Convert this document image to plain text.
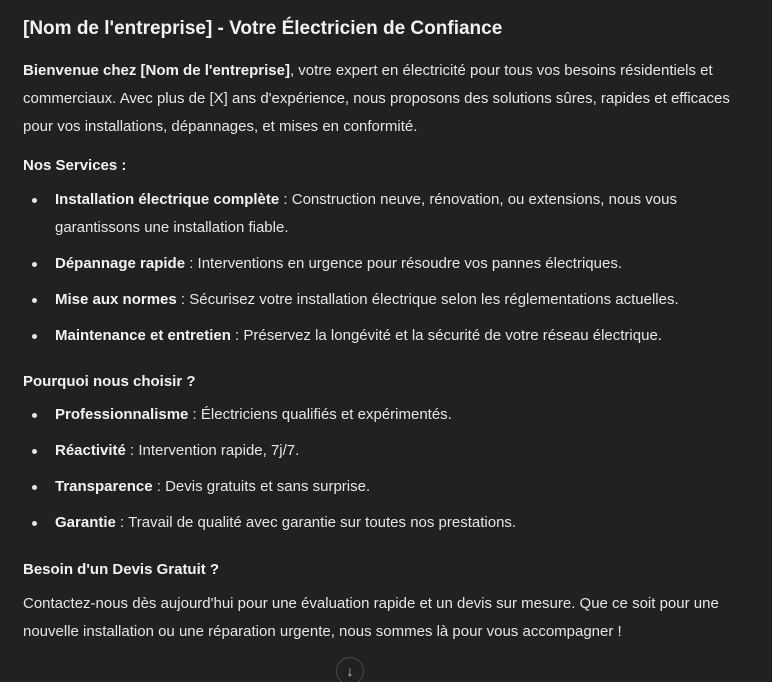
[Nom de l'entreprise] - Votre Électricien de Confiance

Bienvenue chez [Nom de l'entreprise], votre expert en électricité pour tous vos besoins résidentiels et commerciaux. Avec plus de [X] ans d'expérience, nous proposons des solutions sûres, rapides et efficaces pour vos installations, dépannages, et mises en conformité.

Nos Services :
Installation électrique complète : Construction neuve, rénovation, ou extensions, nous vous garantissons une installation fiable.
Dépannage rapide : Interventions en urgence pour résoudre vos pannes électriques.
Mise aux normes : Sécurisez votre installation électrique selon les réglementations actuelles.
Maintenance et entretien : Préservez la longévité et la sécurité de votre réseau électrique.
Pourquoi nous choisir ?
Professionnalisme : Électriciens qualifiés et expérimentés.
Réactivité : Intervention rapide, 7j/7.
Transparence : Devis gratuits et sans surprise.
Garantie : Travail de qualité avec garantie sur toutes nos prestations.
Besoin d'un Devis Gratuit ?

Contactez-nous dès aujourd'hui pour une évaluation rapide et un devis sur mesure. Que ce soit pour une nouvelle installation ou une réparation urgente, nous sommes là pour vous accompagner !

↓
